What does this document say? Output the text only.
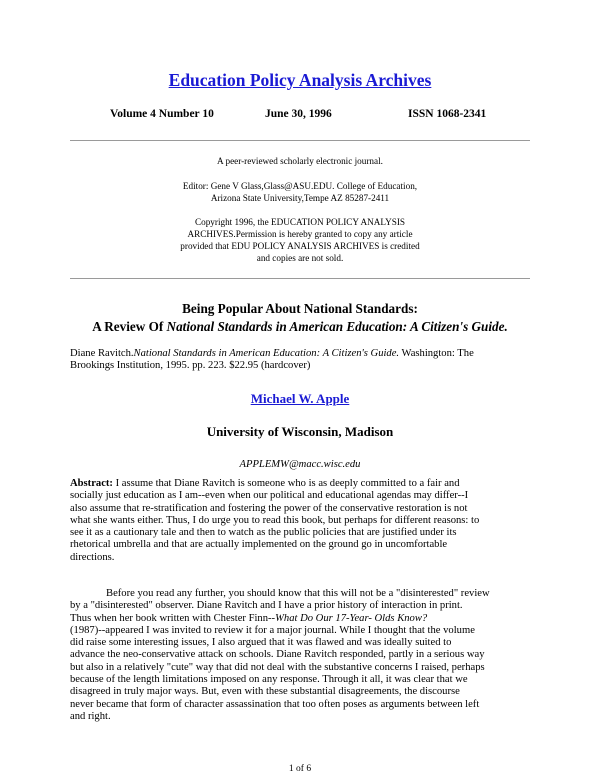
Education Policy Analysis Archives
Volume 4 Number 10	June 30, 1996	ISSN 1068-2341
A peer-reviewed scholarly electronic journal.
Editor: Gene V Glass,Glass@ASU.EDU. College of Education,
Arizona State University,Tempe AZ 85287-2411
Copyright 1996, the EDUCATION POLICY ANALYSIS
ARCHIVES.Permission is hereby granted to copy any article
provided that EDU POLICY ANALYSIS ARCHIVES is credited
and copies are not sold.
Being Popular About National Standards:
A Review Of National Standards in American Education: A Citizen's Guide.
Diane Ravitch.National Standards in American Education: A Citizen's Guide. Washington: The
Brookings Institution, 1995. pp. 223. $22.95 (hardcover)
Michael W. Apple
University of Wisconsin, Madison
APPLEMW@macc.wisc.edu
Abstract: I assume that Diane Ravitch is someone who is as deeply committed to a fair and
socially just education as I am--even when our political and educational agendas may differ--I
also assume that re-stratification and fostering the power of the conservative restoration is not
what she wants either. Thus, I do urge you to read this book, but perhaps for different reasons: to
see it as a cautionary tale and then to watch as the public policies that are justified under its
rhetorical umbrella and that are actually implemented on the ground go in uncomfortable
directions.
Before you read any further, you should know that this will not be a "disinterested" review
by a "disinterested" observer. Diane Ravitch and I have a prior history of interaction in print.
Thus when her book written with Chester Finn--What Do Our 17-Year- Olds Know?
(1987)--appeared I was invited to review it for a major journal. While I thought that the volume
did raise some interesting issues, I also argued that it was flawed and was ideally suited to
advance the neo-conservative attack on schools. Diane Ravitch responded, partly in a serious way
but also in a relatively "cute" way that did not deal with the substantive concerns I raised, perhaps
because of the length limitations imposed on any response. Through it all, it was clear that we
disagreed in truly major ways. But, even with these substantial disagreements, the discourse
never became that form of character assassination that too often poses as arguments between left
and right.
1 of 6
